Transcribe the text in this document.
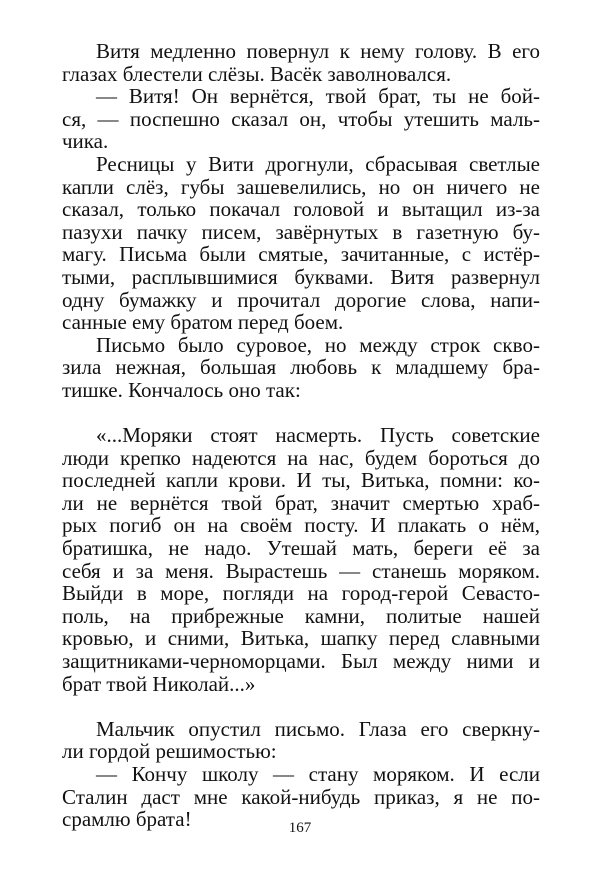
Витя медленно повернул к нему голову. В его
глазах блестели слёзы. Васёк заволновался.
— Витя! Он вернётся, твой брат, ты не бой-
ся, — поспешно сказал он, чтобы утешить маль-
чика.
Ресницы у Вити дрогнули, сбрасывая светлые
капли слёз, губы зашевелились, но он ничего не
сказал, только покачал головой и вытащил из-за
пазухи пачку писем, завёрнутых в газетную бу-
магу. Письма были смятые, зачитанные, с истёр-
тыми, расплывшимися буквами. Витя развернул
одну бумажку и прочитал дорогие слова, напи-
санные ему братом перед боем.
Письмо было суровое, но между строк сквo-
зила нежная, большая любовь к младшему бра-
тишке. Кончалось оно так:
«...Моряки стоят насмерть. Пусть советские
люди крепко надеются на нас, будем бороться до
последней капли крови. И ты, Витька, помни: ко-
ли не вернётся твой брат, значит смертью храб-
рых погиб он на своём посту. И плакать о нём,
братишка, не надо. Утешай мать, береги её за
себя и за меня. Вырастешь — станешь моряком.
Выйди в море, погляди на город-герой Севасто-
поль, на прибрежные камни, политые нашей
кровью, и сними, Витька, шапку перед славными
защитниками-черноморцами. Был между ними и
брат твой Николай...»
Мальчик опустил письмо. Глаза его сверкну-
ли гордой решимостью:
— Кончу школу — стану моряком. И если
Сталин даст мне какой-нибудь приказ, я не по-
срамлю брата!	167
